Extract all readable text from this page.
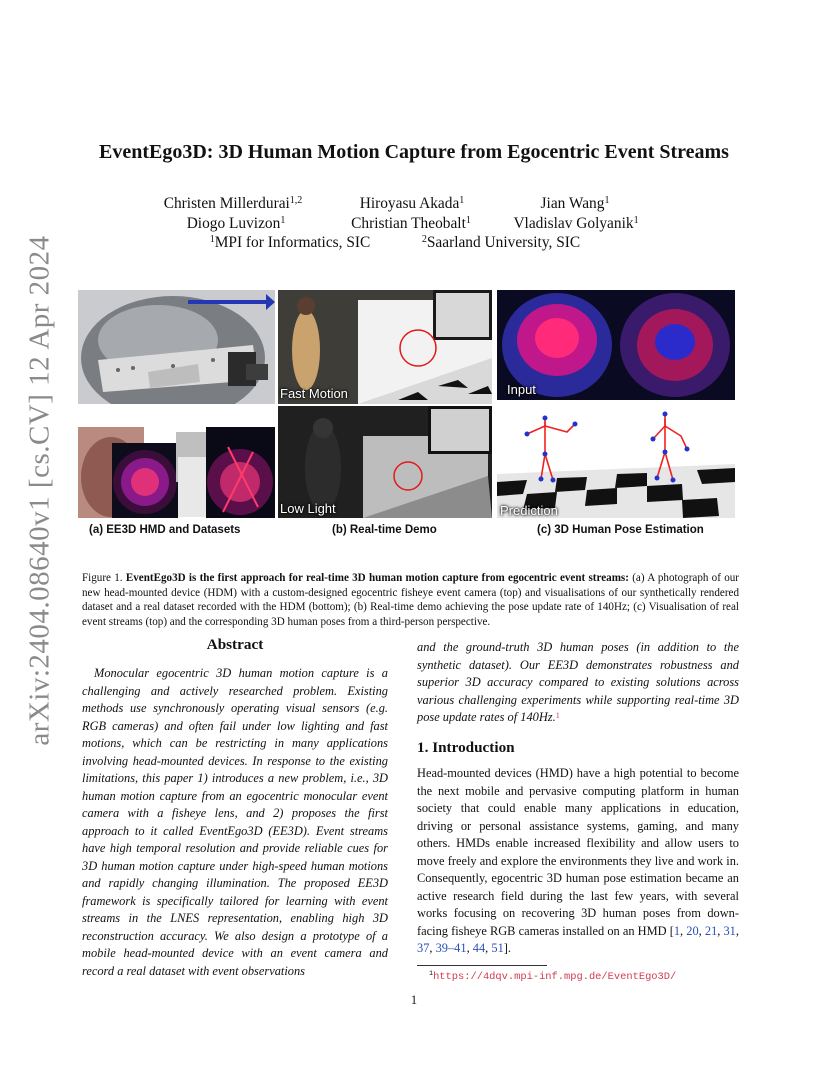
arXiv:2404.08640v1 [cs.CV] 12 Apr 2024
EventEgo3D: 3D Human Motion Capture from Egocentric Event Streams
Christen Millerdurai$^{1,2}$	Hiroyasu Akada$^1$	Jian Wang$^1$
Diogo Luvizon$^1$	Christian Theobalt$^1$	Vladislav Golyanik$^1$
$^1$MPI for Informatics, SIC	$^2$Saarland University, SIC
Fast Motion
Low Light
Input
Prediction
(a) EE3D HMD and Datasets	(b) Real-time Demo	(c) 3D Human Pose Estimation
Figure 1. EventEgo3D is the first approach for real-time 3D human motion capture from egocentric event streams: (a) A photograph of our new head-mounted device (HDM) with a custom-designed egocentric fisheye event camera (top) and visualisations of our synthetically rendered dataset and a real dataset recorded with the HDM (bottom); (b) Real-time demo achieving the pose update rate of 140Hz; (c) Visualisation of real event streams (top) and the corresponding 3D human poses from a third-person perspective.
Abstract
Monocular egocentric 3D human motion capture is a challenging and actively researched problem. Existing methods use synchronously operating visual sensors (e.g. RGB cameras) and often fail under low lighting and fast motions, which can be restricting in many applications involving head-mounted devices. In response to the existing limitations, this paper 1) introduces a new problem, i.e., 3D human motion capture from an egocentric monocular event camera with a fisheye lens, and 2) proposes the first approach to it called EventEgo3D (EE3D). Event streams have high temporal resolution and provide reliable cues for 3D human motion capture under high-speed human motions and rapidly changing illumination. The proposed EE3D framework is specifically tailored for learning with event streams in the LNES representation, enabling high 3D reconstruction accuracy. We also design a prototype of a mobile head-mounted device with an event camera and record a real dataset with event observations
and the ground-truth 3D human poses (in addition to the synthetic dataset). Our EE3D demonstrates robustness and superior 3D accuracy compared to existing solutions across various challenging experiments while supporting real-time 3D pose update rates of 140Hz.$^1$
1. Introduction
Head-mounted devices (HMD) have a high potential to become the next mobile and pervasive computing platform in human society that could enable many applications in education, driving or personal assistance systems, gaming, and many others. HMDs enable increased flexibility and allow users to move freely and explore the environments they live and work in. Consequently, egocentric 3D human pose estimation became an active research field during the last few years, with several works focusing on recovering 3D human poses from down-facing fisheye RGB cameras installed on an HMD [1, 20, 21, 31, 37, 39–41, 44, 51].
$^1$https://4dqv.mpi-inf.mpg.de/EventEgo3D/
1
